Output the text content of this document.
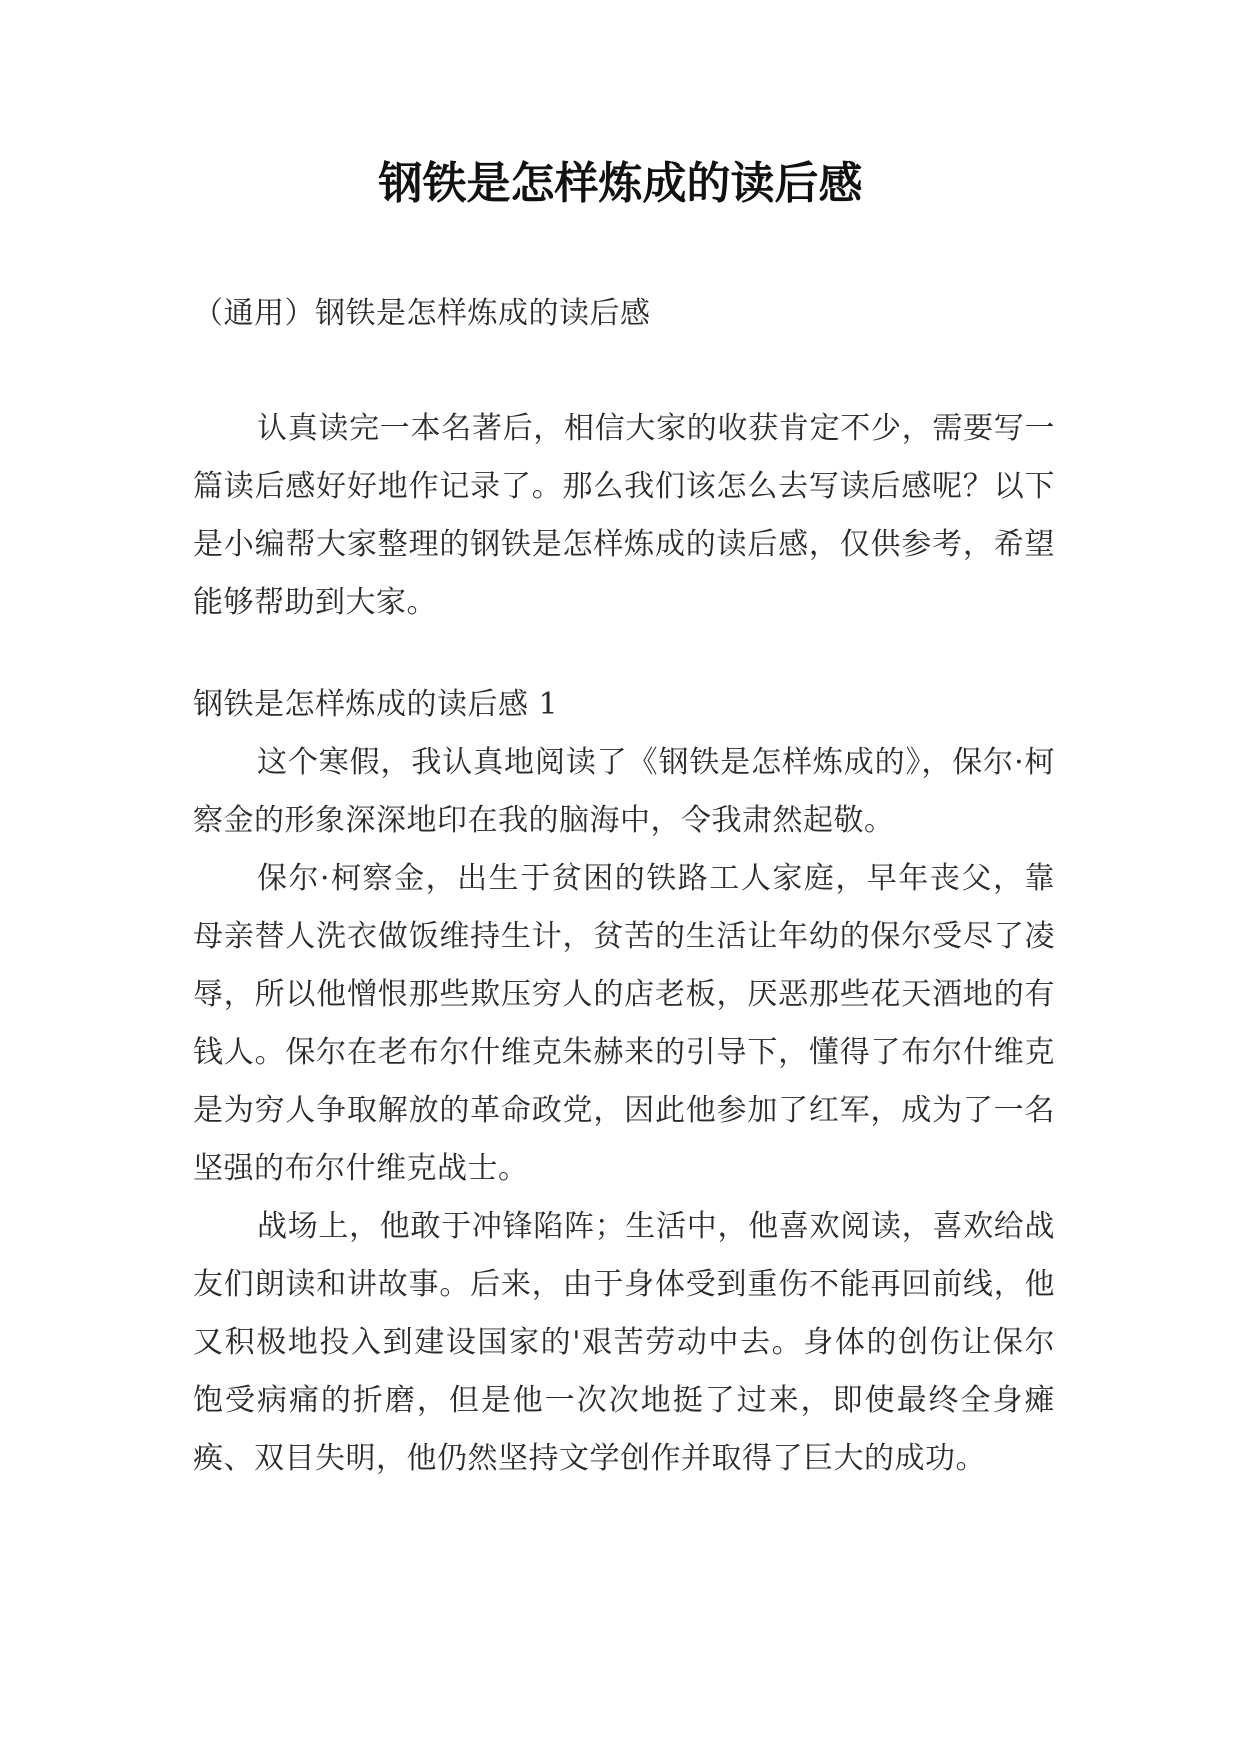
钢铁是怎样炼成的读后感

（通用）钢铁是怎样炼成的读后感

认真读完一本名著后，相信大家的收获肯定不少，需要写一篇读后感好好地作记录了。那么我们该怎么去写读后感呢？以下是小编帮大家整理的钢铁是怎样炼成的读后感，仅供参考，希望能够帮助到大家。

钢铁是怎样炼成的读后感 1

这个寒假，我认真地阅读了《钢铁是怎样炼成的》，保尔·柯察金的形象深深地印在我的脑海中，令我肃然起敬。

保尔·柯察金，出生于贫困的铁路工人家庭，早年丧父，靠母亲替人洗衣做饭维持生计，贫苦的生活让年幼的保尔受尽了凌辱，所以他憎恨那些欺压穷人的店老板，厌恶那些花天酒地的有钱人。保尔在老布尔什维克朱赫来的引导下，懂得了布尔什维克是为穷人争取解放的革命政党，因此他参加了红军，成为了一名坚强的布尔什维克战士。

战场上，他敢于冲锋陷阵；生活中，他喜欢阅读，喜欢给战友们朗读和讲故事。后来，由于身体受到重伤不能再回前线，他又积极地投入到建设国家的'艰苦劳动中去。身体的创伤让保尔饱受病痛的折磨，但是他一次次地挺了过来，即使最终全身瘫痪、双目失明，他仍然坚持文学创作并取得了巨大的成功。
